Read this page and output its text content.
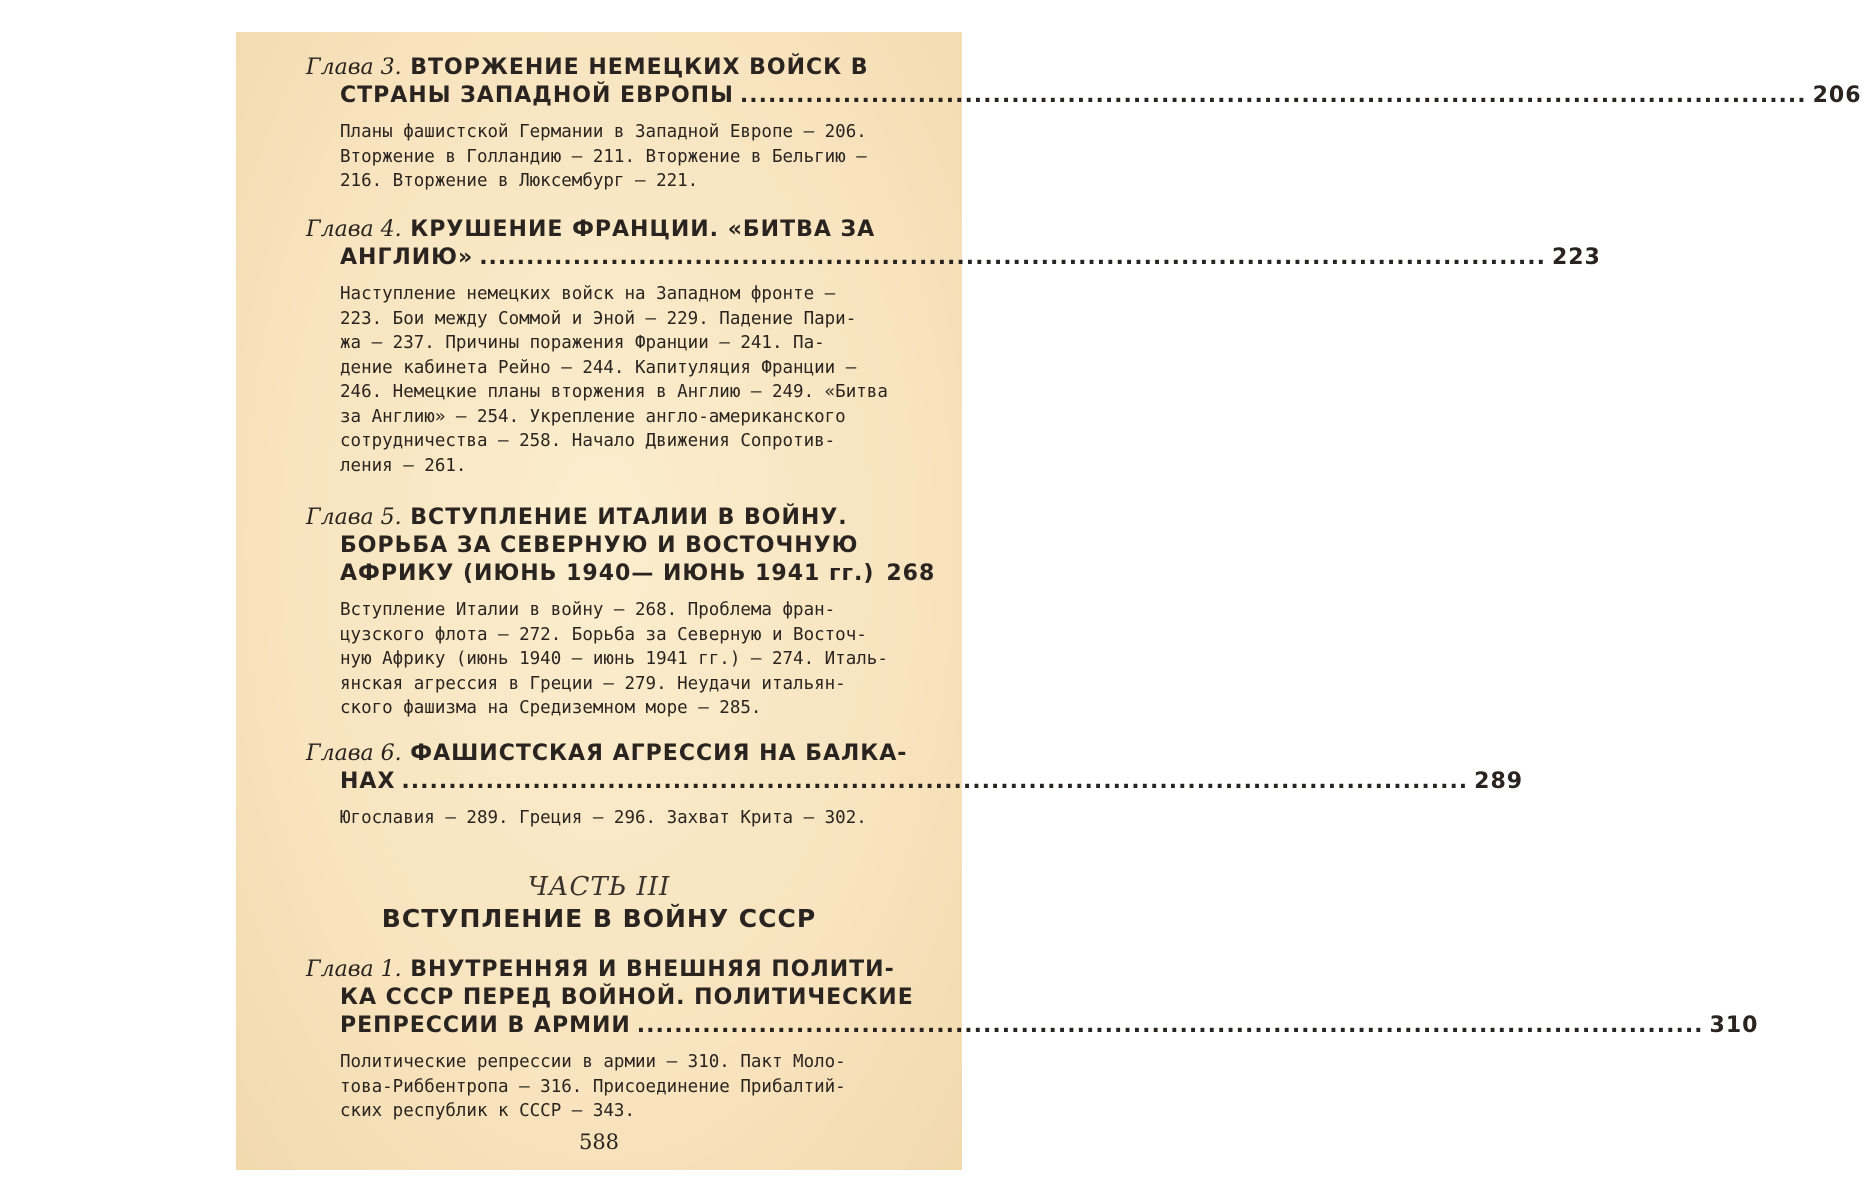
Глава 3. ВТОРЖЕНИЕ НЕМЕЦКИХ ВОЙСК В
СТРАНЫ ЗАПАДНОЙ ЕВРОПЫ .....	206
Планы фашистской Германии в Западной Европе — 206.
Вторжение в Голландию — 211. Вторжение в Бельгию —
216. Вторжение в Люксембург — 221.
Глава 4. КРУШЕНИЕ ФРАНЦИИ. «БИТВА ЗА
АНГЛИЮ» .....	223
Наступление немецких войск на Западном фронте —
223. Бои между Соммой и Эной — 229. Падение Пари-
жа — 237. Причины поражения Франции — 241. Па-
дение кабинета Рейно — 244. Капитуляция Франции —
246. Немецкие планы вторжения в Англию — 249. «Битва
за Англию» — 254. Укрепление англо-американского
сотрудничества — 258. Начало Движения Сопротив-
ления — 261.
Глава 5. ВСТУПЛЕНИЕ ИТАЛИИ В ВОЙНУ.
БОРЬБА ЗА СЕВЕРНУЮ И ВОСТОЧНУЮ
АФРИКУ (ИЮНЬ 1940— ИЮНЬ 1941 гг.) 268
Вступление Италии в войну — 268. Проблема фран-
цузского флота — 272. Борьба за Северную и Восточ-
ную Африку (июнь 1940 — июнь 1941 гг.) — 274. Италь-
янская агрессия в Греции — 279. Неудачи итальян-
ского фашизма на Средиземном море — 285.
Глава 6. ФАШИСТСКАЯ АГРЕССИЯ НА БАЛКА-
НАХ .....	289
Югославия — 289. Греция — 296. Захват Крита — 302.
ЧАСТЬ III
ВСТУПЛЕНИЕ В ВОЙНУ СССР
Глава 1. ВНУТРЕННЯЯ И ВНЕШНЯЯ ПОЛИТИ-
КА СССР ПЕРЕД ВОЙНОЙ. ПОЛИТИЧЕСКИЕ
РЕПРЕССИИ В АРМИИ .....	310
Политические репрессии в армии — 310. Пакт Моло-
това-Риббентропа — 316. Присоединение Прибалтий-
ских республик к СССР — 343.
588
